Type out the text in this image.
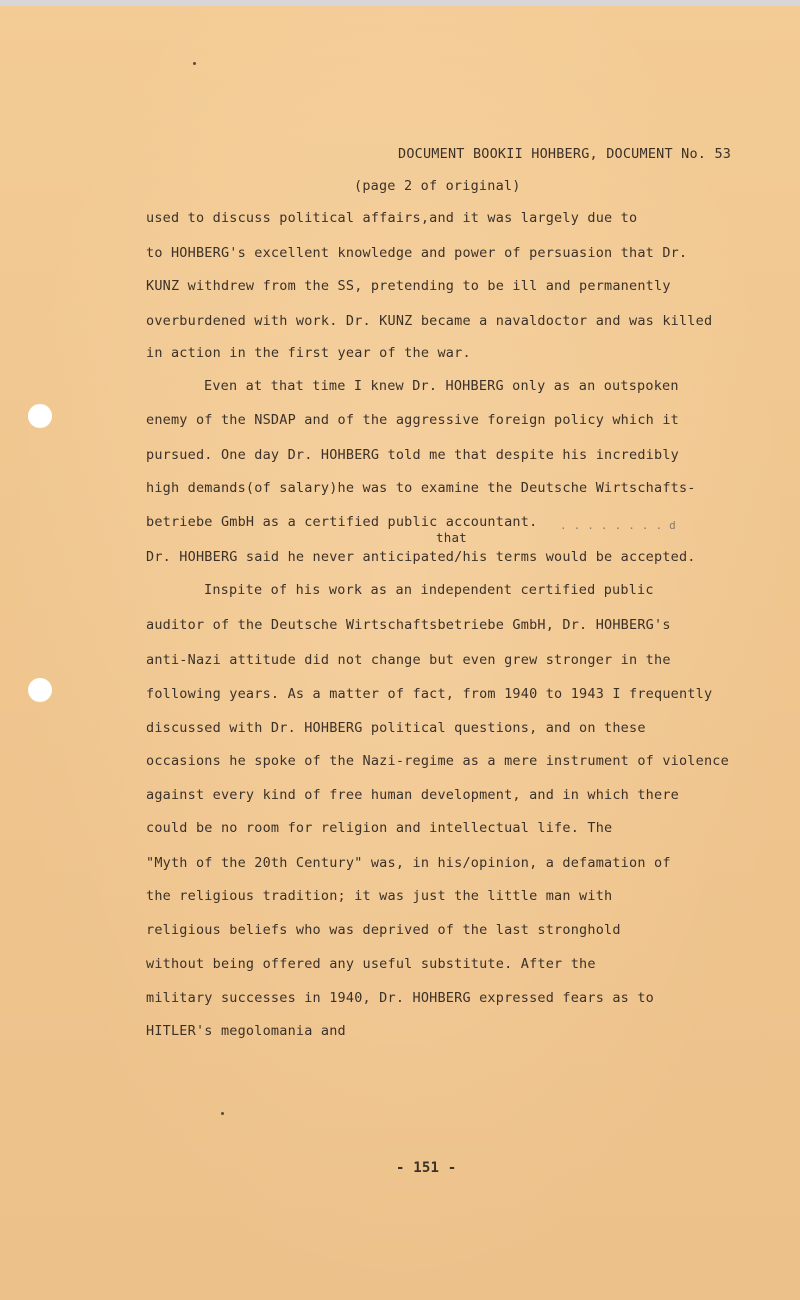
DOCUMENT BOOKII HOHBERG, DOCUMENT No. 53
(page 2 of original)
used to discuss political affairs,and it was largely due to
to HOHBERG's excellent knowledge and power of persuasion that Dr.
KUNZ withdrew from the SS, pretending to be ill and permanently
overburdened with work. Dr. KUNZ became a navaldoctor and was killed
in action in the first year of the war.
Even at that time I knew Dr. HOHBERG only as an outspoken
enemy of the NSDAP and of the aggressive foreign policy which it
pursued. One day Dr. HOHBERG told me that despite his incredibly
high demands(of salary)he was to examine the Deutsche Wirtschafts-
betriebe GmbH as a certified public accountant. . . . . . . . . d
that
Dr. HOHBERG said he never anticipated/his terms would be accepted.
Inspite of his work as an independent certified public
auditor of the Deutsche Wirtschaftsbetriebe GmbH, Dr. HOHBERG's
anti-Nazi attitude did not change but even grew stronger in the
following years. As a matter of fact, from 1940 to 1943 I frequently
discussed with Dr. HOHBERG political questions, and on these
occasions he spoke of the Nazi-regime as a mere instrument of violence
against every kind of free human development, and in which there
could be no room for religion and intellectual life. The
"Myth of the 20th Century" was, in his/opinion, a defamation of
the religious tradition; it was just the little man with
religious beliefs who was deprived of the last stronghold
without being offered any useful substitute. After the
military successes in 1940, Dr. HOHBERG expressed fears as to
HITLER's megolomania and
- 151 -
